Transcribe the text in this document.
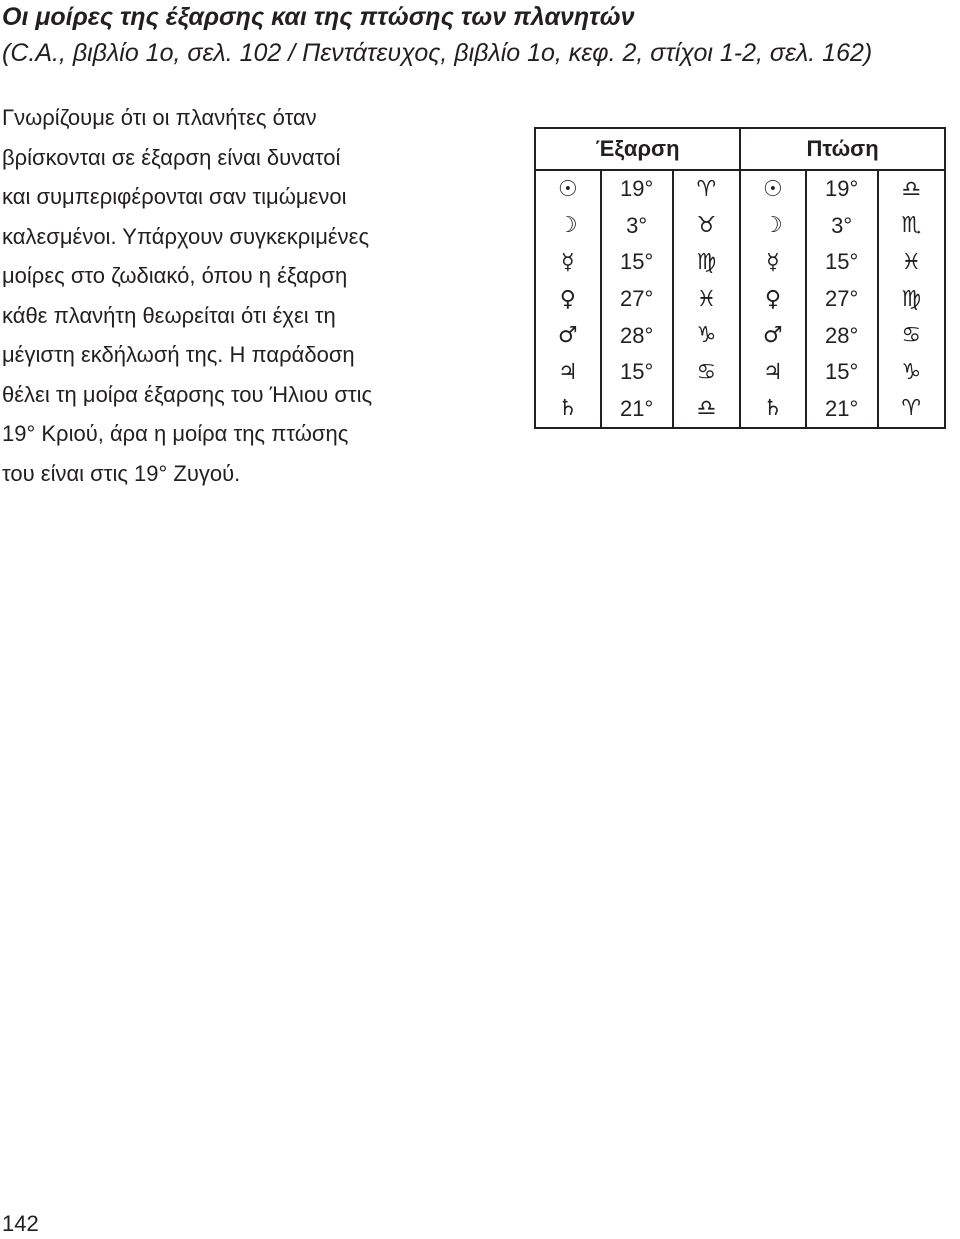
Οι μοίρες της έξαρσης και της πτώσης των πλανητών

(C.A., βιβλίο 1ο, σελ. 102 / Πεντάτευχος, βιβλίο 1ο, κεφ. 2, στίχοι 1-2, σελ. 162)

Γνωρίζουμε ότι οι πλανήτες όταν
βρίσκονται σε έξαρση είναι δυνατοί
και συμπεριφέρονται σαν τιμώμενοι
καλεσμένοι. Υπάρχουν συγκεκριμένες
μοίρες στο ζωδιακό, όπου η έξαρση
κάθε πλανήτη θεωρείται ότι έχει τη
μέγιστη εκδήλωσή της. Η παράδοση
θέλει τη μοίρα έξαρσης του Ήλιου στις
19° Κριού, άρα η μοίρα της πτώσης
του είναι στις 19° Ζυγού.
Έξαρση			Πτώση		
☉	19°	♈	☉	19°	♎
☽	3°	♉	☽	3°	♏
☿	15°	♍	☿	15°	♓
♀	27°	♓	♀	27°	♍
♂	28°	♑	♂	28°	♋
♃	15°	♋	♃	15°	♑
♄	21°	♎	♄	21°	♈
142
